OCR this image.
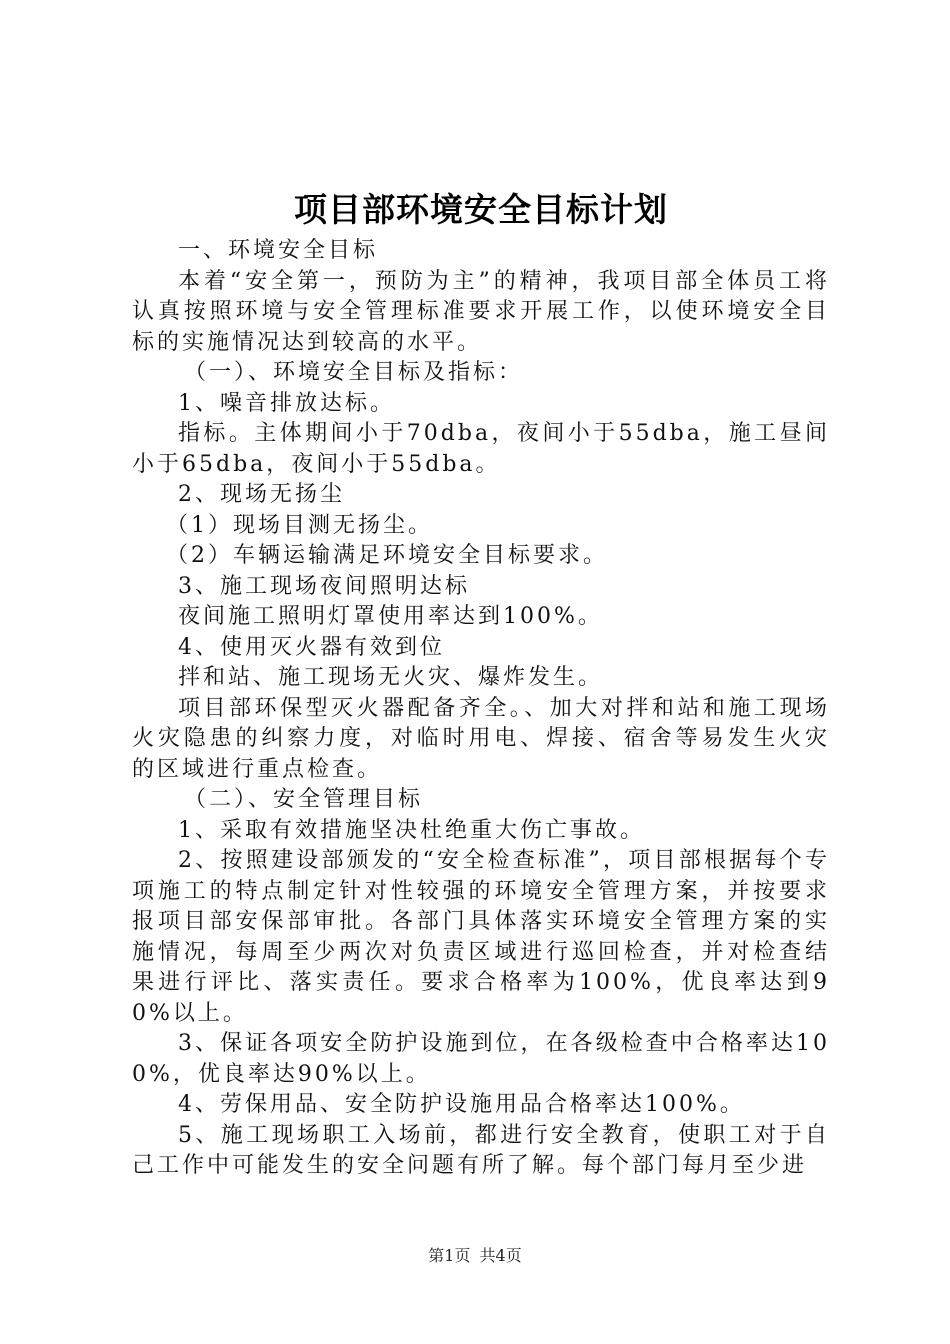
项目部环境安全目标计划

一、环境安全目标

本着“安全第一，预防为主”的精神，我项目部全体员工将认真按照环境与安全管理标准要求开展工作，以使环境安全目标的实施情况达到较高的水平。

（一）、环境安全目标及指标：

1、噪音排放达标。

指标。主体期间小于70dba，夜间小于55dba，施工昼间小于65dba，夜间小于55dba。

2、现场无扬尘

（1）现场目测无扬尘。

（2）车辆运输满足环境安全目标要求。

3、施工现场夜间照明达标

夜间施工照明灯罩使用率达到100%。

4、使用灭火器有效到位

拌和站、施工现场无火灾、爆炸发生。

项目部环保型灭火器配备齐全。、加大对拌和站和施工现场火灾隐患的纠察力度，对临时用电、焊接、宿舍等易发生火灾的区域进行重点检查。

（二）、安全管理目标

1、采取有效措施坚决杜绝重大伤亡事故。

2、按照建设部颁发的“安全检查标准”，项目部根据每个专项施工的特点制定针对性较强的环境安全管理方案，并按要求报项目部安保部审批。各部门具体落实环境安全管理方案的实施情况，每周至少两次对负责区域进行巡回检查，并对检查结果进行评比、落实责任。要求合格率为100%，优良率达到90%以上。

3、保证各项安全防护设施到位，在各级检查中合格率达100%，优良率达90%以上。

4、劳保用品、安全防护设施用品合格率达100%。

5、施工现场职工入场前，都进行安全教育，使职工对于自己工作中可能发生的安全问题有所了解。每个部门每月至少进

第1页 共4页
